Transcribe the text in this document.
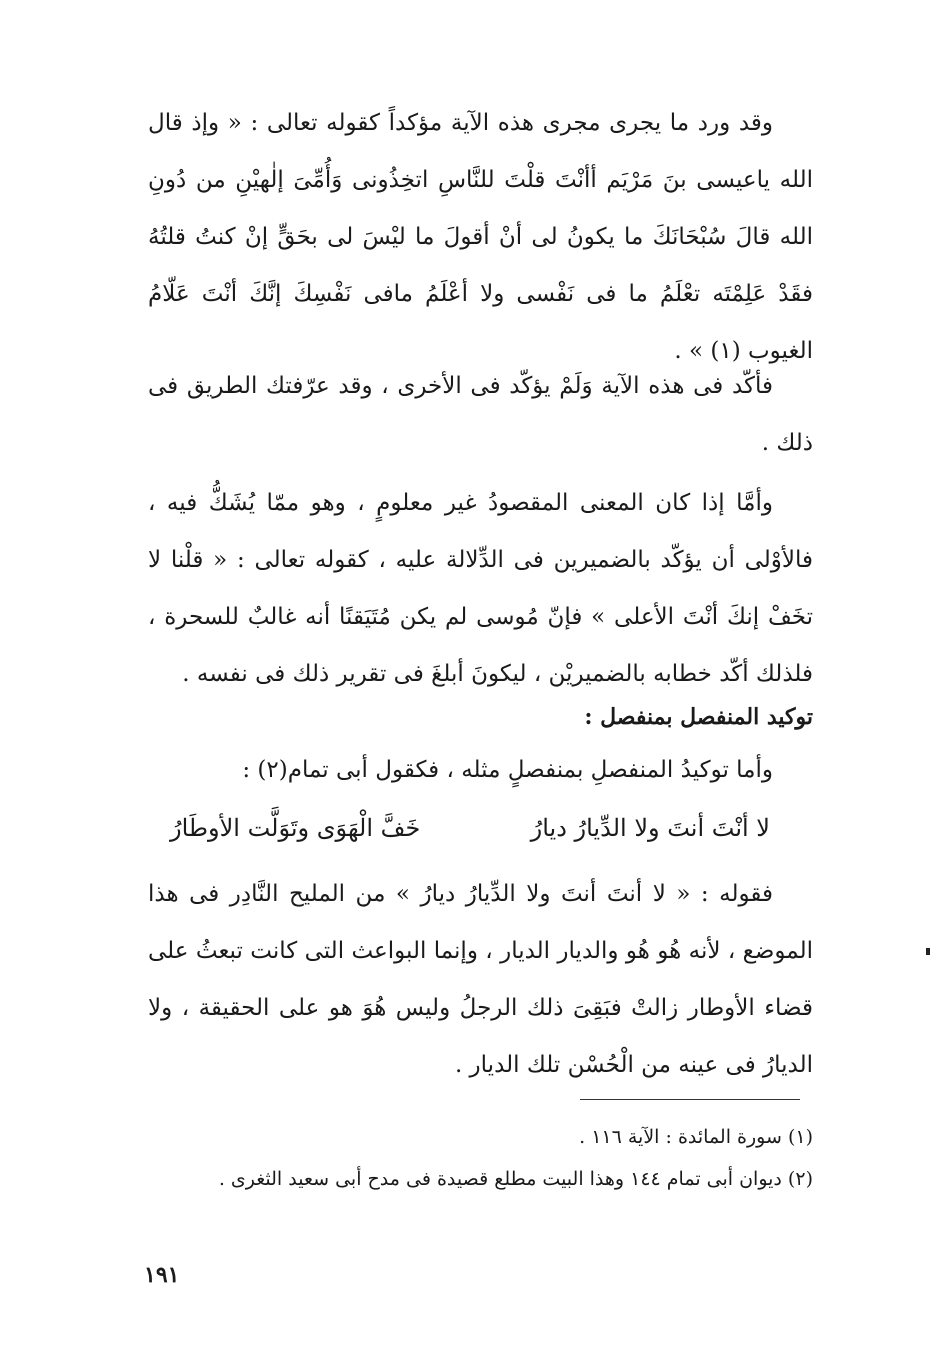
وقد ورد ما يجرى مجرى هذه الآية مؤكداً كقوله تعالى : « وإذ قال الله ياعيسى بنَ مَرْيَم أأنْتَ قلْتَ للنَّاسِ اتخِذُونى وَأُمِّىَ إلٰهيْنِ من دُونِ الله قالَ سُبْحَانَكَ ما يكونُ لى أنْ أقولَ ما ليْسَ لى بحَقٍّ إنْ كنتُ قلتُهُ فقَدْ عَلِمْتَه تعْلَمُ ما فى نَفْسى ولا أعْلَمُ مافى نَفْسِكَ إنَّكَ أنْتَ عَلّامُ الغيوب (١) » .

فأكّد فى هذه الآية وَلَمْ يؤكّد فى الأخرى ، وقد عرّفتك الطريق فى ذلك .

وأمَّا إذا كان المعنى المقصودُ غير معلومٍ ، وهو ممّا يُشَكُّ فيه ، فالأوْلى أن يؤكّد بالضميرين فى الدِّلالة عليه ، كقوله تعالى : « قلْنا لا تخَفْ إنكَ أنْتَ الأعلى » فإنّ مُوسى لم يكن مُتَيَقنًا أنه غالبٌ للسحرة ، فلذلك أكّد خطابه بالضميريْن ، ليكونَ أبلغَ فى تقرير ذلك فى نفسه .

توكيد المنفصل بمنفصل :

وأما توكيدُ المنفصلِ بمنفصلٍ مثله ، فكقول أبى تمام(٢) :

لا أنْتَ أنتَ ولا الدِّيارُ ديارُ
خَفَّ الْهَوَى وتَوَلَّت الأوطَارُ

فقوله : « لا أنتَ أنتَ ولا الدِّيارُ ديارُ » من المليح النَّادِر فى هذا الموضع ، لأنه هُو هُو والديار الديار ، وإنما البواعث التى كانت تبعثُ على قضاء الأوطار زالتْ فبَقِىَ ذلك الرجلُ وليس هُوَ هو على الحقيقة ، ولا الديارُ فى عينه من الْحُسْن تلك الديار .

(١) سورة المائدة : الآية ١١٦ .

(٢) ديوان أبى تمام ١٤٤ وهذا البيت مطلع قصيدة فى مدح أبى سعيد الثغرى .

١٩١
